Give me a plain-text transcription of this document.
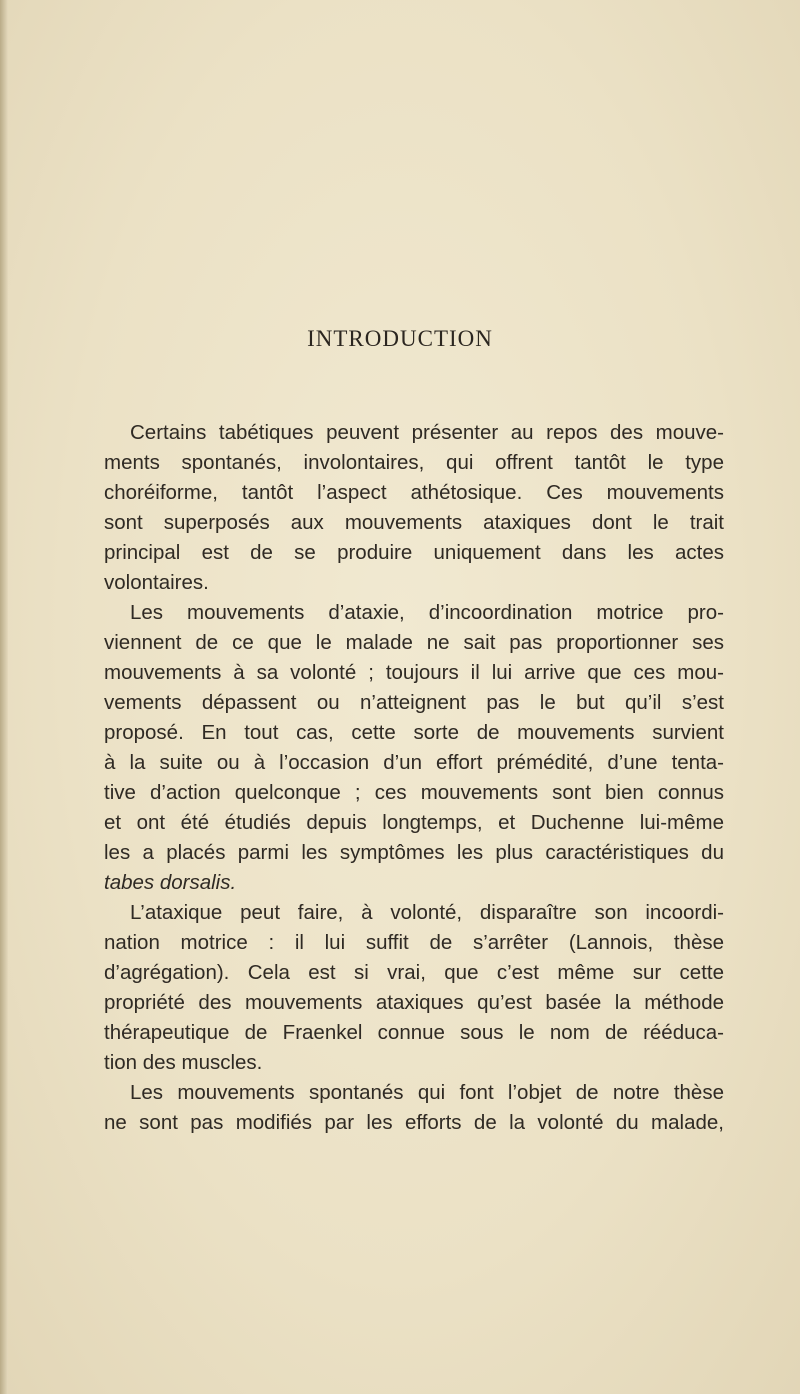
INTRODUCTION
Certains tabétiques peuvent présenter au repos des mouve-
ments spontanés, involontaires, qui offrent tantôt le type
choréiforme, tantôt l’aspect athétosique. Ces mouvements
sont superposés aux mouvements ataxiques dont le trait
principal est de se produire uniquement dans les actes
volontaires.
Les mouvements d’ataxie, d’incoordination motrice pro-
viennent de ce que le malade ne sait pas proportionner ses
mouvements à sa volonté ; toujours il lui arrive que ces mou-
vements dépassent ou n’atteignent pas le but qu’il s’est
proposé. En tout cas, cette sorte de mouvements survient
à la suite ou à l’occasion d’un effort prémédité, d’une tenta-
tive d’action quelconque ; ces mouvements sont bien connus
et ont été étudiés depuis longtemps, et Duchenne lui-même
les a placés parmi les symptômes les plus caractéristiques du
tabes dorsalis.
L’ataxique peut faire, à volonté, disparaître son incoordi-
nation motrice : il lui suffit de s’arrêter (Lannois, thèse
d’agrégation). Cela est si vrai, que c’est même sur cette
propriété des mouvements ataxiques qu’est basée la méthode
thérapeutique de Fraenkel connue sous le nom de rééduca-
tion des muscles.
Les mouvements spontanés qui font l’objet de notre thèse
ne sont pas modifiés par les efforts de la volonté du malade,
